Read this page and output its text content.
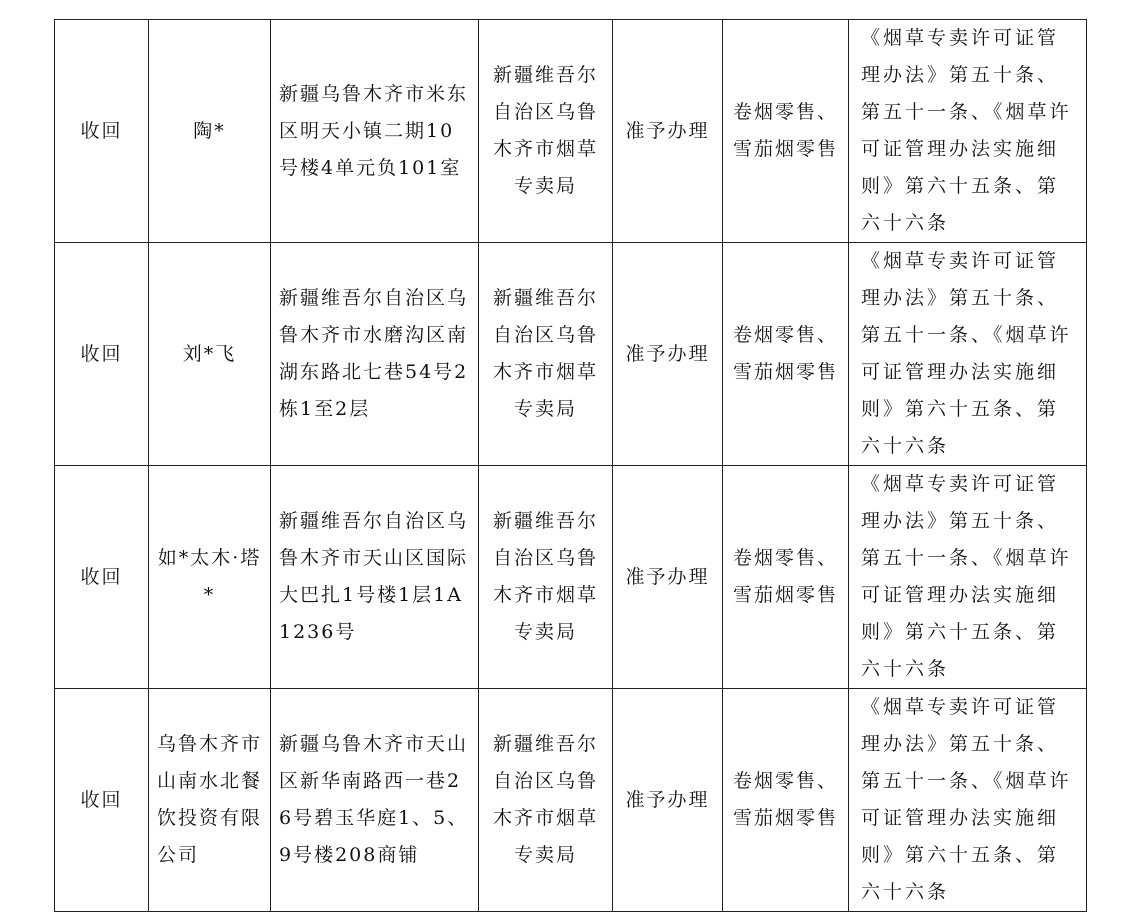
收回	陶*	新疆乌鲁木齐市米东区明天小镇二期10号楼4单元负101室	新疆维吾尔自治区乌鲁木齐市烟草专卖局	准予办理	卷烟零售、雪茄烟零售	《烟草专卖许可证管理办法》第五十条、第五十一条、《烟草许可证管理办法实施细则》第六十五条、第六十六条

收回	刘*飞	新疆维吾尔自治区乌鲁木齐市水磨沟区南湖东路北七巷54号2栋1至2层	新疆维吾尔自治区乌鲁木齐市烟草专卖局	准予办理	卷烟零售、雪茄烟零售	《烟草专卖许可证管理办法》第五十条、第五十一条、《烟草许可证管理办法实施细则》第六十五条、第六十六条

收回	如*太木·塔*	新疆维吾尔自治区乌鲁木齐市天山区国际大巴扎1号楼1层1A1236号	新疆维吾尔自治区乌鲁木齐市烟草专卖局	准予办理	卷烟零售、雪茄烟零售	《烟草专卖许可证管理办法》第五十条、第五十一条、《烟草许可证管理办法实施细则》第六十五条、第六十六条

收回	乌鲁木齐市山南水北餐饮投资有限公司	新疆乌鲁木齐市天山区新华南路西一巷26号碧玉华庭1、5、9号楼208商铺	新疆维吾尔自治区乌鲁木齐市烟草专卖局	准予办理	卷烟零售、雪茄烟零售	《烟草专卖许可证管理办法》第五十条、第五十一条、《烟草许可证管理办法实施细则》第六十五条、第六十六条
